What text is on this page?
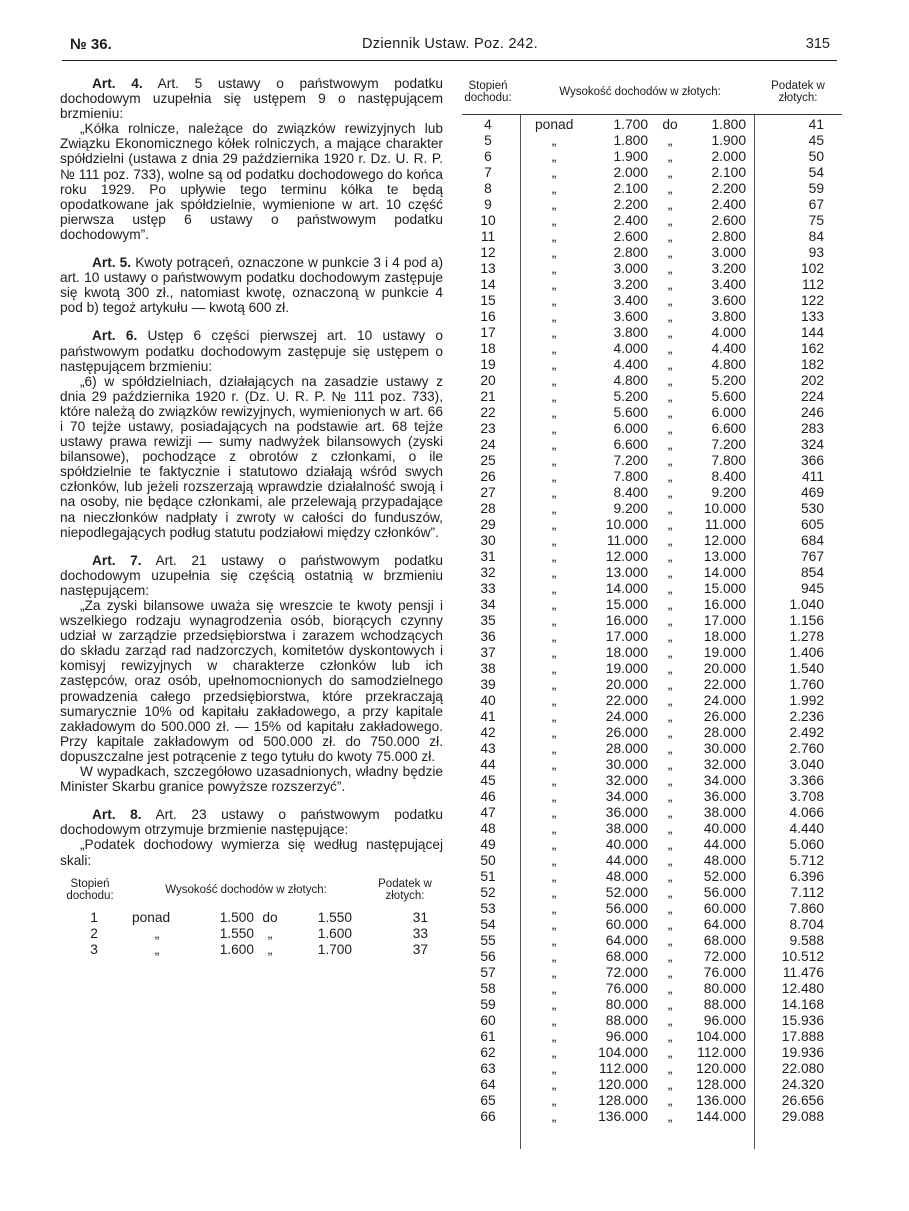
№ 36.	Dziennik Ustaw. Poz. 242.	315

Art. 4. Art. 5 ustawy o państwowym podatku dochodowym uzupełnia się ustępem 9 o następującem brzmieniu:

„Kółka rolnicze, należące do związków rewizyjnych lub Związku Ekonomicznego kółek rolniczych, a mające charakter spółdzielni (ustawa z dnia 29 października 1920 r. Dz. U. R. P. № 111 poz. 733), wolne są od podatku dochodowego do końca roku 1929. Po upływie tego terminu kółka te będą opodatkowane jak spółdzielnie, wymienione w art. 10 część pierwsza ustęp 6 ustawy o państwowym podatku dochodowym”.

Art. 5. Kwoty potrąceń, oznaczone w punkcie 3 i 4 pod a) art. 10 ustawy o państwowym podatku dochodowym zastępuje się kwotą 300 zł., natomiast kwotę, oznaczoną w punkcie 4 pod b) tegoż artykułu — kwotą 600 zł.

Art. 6. Ustęp 6 części pierwszej art. 10 ustawy o państwowym podatku dochodowym zastępuje się ustępem o następującem brzmieniu:

„6) w spółdzielniach, działających na zasadzie ustawy z dnia 29 października 1920 r. (Dz. U. R. P. № 111 poz. 733), które należą do związków rewizyjnych, wymienionych w art. 66 i 70 tejże ustawy, posiadających na podstawie art. 68 tejże ustawy prawa rewizji — sumy nadwyżek bilansowych (zyski bilansowe), pochodzące z obrotów z członkami, o ile spółdzielnie te faktycznie i statutowo działają wśród swych członków, lub jeżeli rozszerzają wprawdzie działalność swoją i na osoby, nie będące członkami, ale przelewają przypadające na nieczłonków nadpłaty i zwroty w całości do funduszów, niepodlegających podług statutu podziałowi między członków”.

Art. 7. Art. 21 ustawy o państwowym podatku dochodowym uzupełnia się częścią ostatnią w brzmieniu następującem:

„Za zyski bilansowe uważa się wreszcie te kwoty pensji i wszelkiego rodzaju wynagrodzenia osób, biorących czynny udział w zarządzie przedsiębiorstwa i zarazem wchodzących do składu zarząd rad nadzorczych, komitetów dyskontowych i komisyj rewizyjnych w charakterze członków lub ich zastępców, oraz osób, upełnomocnionych do samodzielnego prowadzenia całego przedsiębiorstwa, które przekraczają sumarycznie 10% od kapitału zakładowego, a przy kapitale zakładowym do 500.000 zł. — 15% od kapitału zakładowego. Przy kapitale zakładowym od 500.000 zł. do 750.000 zł. dopuszczalne jest potrącenie z tego tytułu do kwoty 75.000 zł.

W wypadkach, szczegółowo uzasadnionych, władny będzie Minister Skarbu granice powyższe rozszerzyć”.

Art. 8. Art. 23 ustawy o państwowym podatku dochodowym otrzymuje brzmienie następujące:

„Podatek dochodowy wymierza się według następującej skali:

Stopień dochodu:
Wysokość dochodów w złotych:	Podatek w złotych:
1	ponad	1.500 do	1.550	31
2	„	1.550	„	1.600	33
3	„	1.600	„	1.700	37
Stopień dochodu:	Wysokość dochodów w złotych:	Podatek w złotych:
4	ponad	1.700	do	1.800	41
5	„	1.800	„	1.900	45
6	„	1.900	„	2.000	50
7	„	2.000	„	2.100	54
8	„	2.100	„	2.200	59
9	„	2.200	„	2.400	67
10	„	2.400	„	2.600	75
11	„	2.600	„	2.800	84
12	„	2.800	„	3.000	93
13	„	3.000	„	3.200	102
14	„	3.200	„	3.400	112
15	„	3.400	„	3.600	122
16	„	3.600	„	3.800	133
17	„	3.800	„	4.000	144
18	„	4.000	„	4.400	162
19	„	4.400	„	4.800	182
20	„	4.800	„	5.200	202
21	„	5.200	„	5.600	224
22	„	5.600	„	6.000	246
23	„	6.000	„	6.600	283
24	„	6.600	„	7.200	324
25	„	7.200	„	7.800	366
26	„	7.800	„	8.400	411
27	„	8.400	„	9.200	469
28	„	9.200	„	10.000	530
29	„	10.000	„	11.000	605
30	„	11.000	„	12.000	684
31	„	12.000	„	13.000	767
32	„	13.000	„	14.000	854
33	„	14.000	„	15.000	945
34	„	15.000	„	16.000	1.040
35	„	16.000	„	17.000	1.156
36	„	17.000	„	18.000	1.278
37	„	18.000	„	19.000	1.406
38	„	19.000	„	20.000	1.540
39	„	20.000	„	22.000	1.760
40	„	22.000	„	24.000	1.992
41	„	24.000	„	26.000	2.236
42	„	26.000	„	28.000	2.492
43	„	28.000	„	30.000	2.760
44	„	30.000	„	32.000	3.040
45	„	32.000	„	34.000	3.366
46	„	34.000	„	36.000	3.708
47	„	36.000	„	38.000	4.066
48	„	38.000	„	40.000	4.440
49	„	40.000	„	44.000	5.060
50	„	44.000	„	48.000	5.712
51	„	48.000	„	52.000	6.396
52	„	52.000	„	56.000	7.112
53	„	56.000	„	60.000	7.860
54	„	60.000	„	64.000	8.704
55	„	64.000	„	68.000	9.588
56	„	68.000	„	72.000	10.512
57	„	72.000	„	76.000	11.476
58	„	76.000	„	80.000	12.480
59	„	80.000	„	88.000	14.168
60	„	88.000	„	96.000	15.936
61	„	96.000	„	104.000	17.888
62	„	104.000	„	112.000	19.936
63	„	112.000	„	120.000	22.080
64	„	120.000	„	128.000	24.320
65	„	128.000	„	136.000	26.656
66	„	136.000	„	144.000	29.088
